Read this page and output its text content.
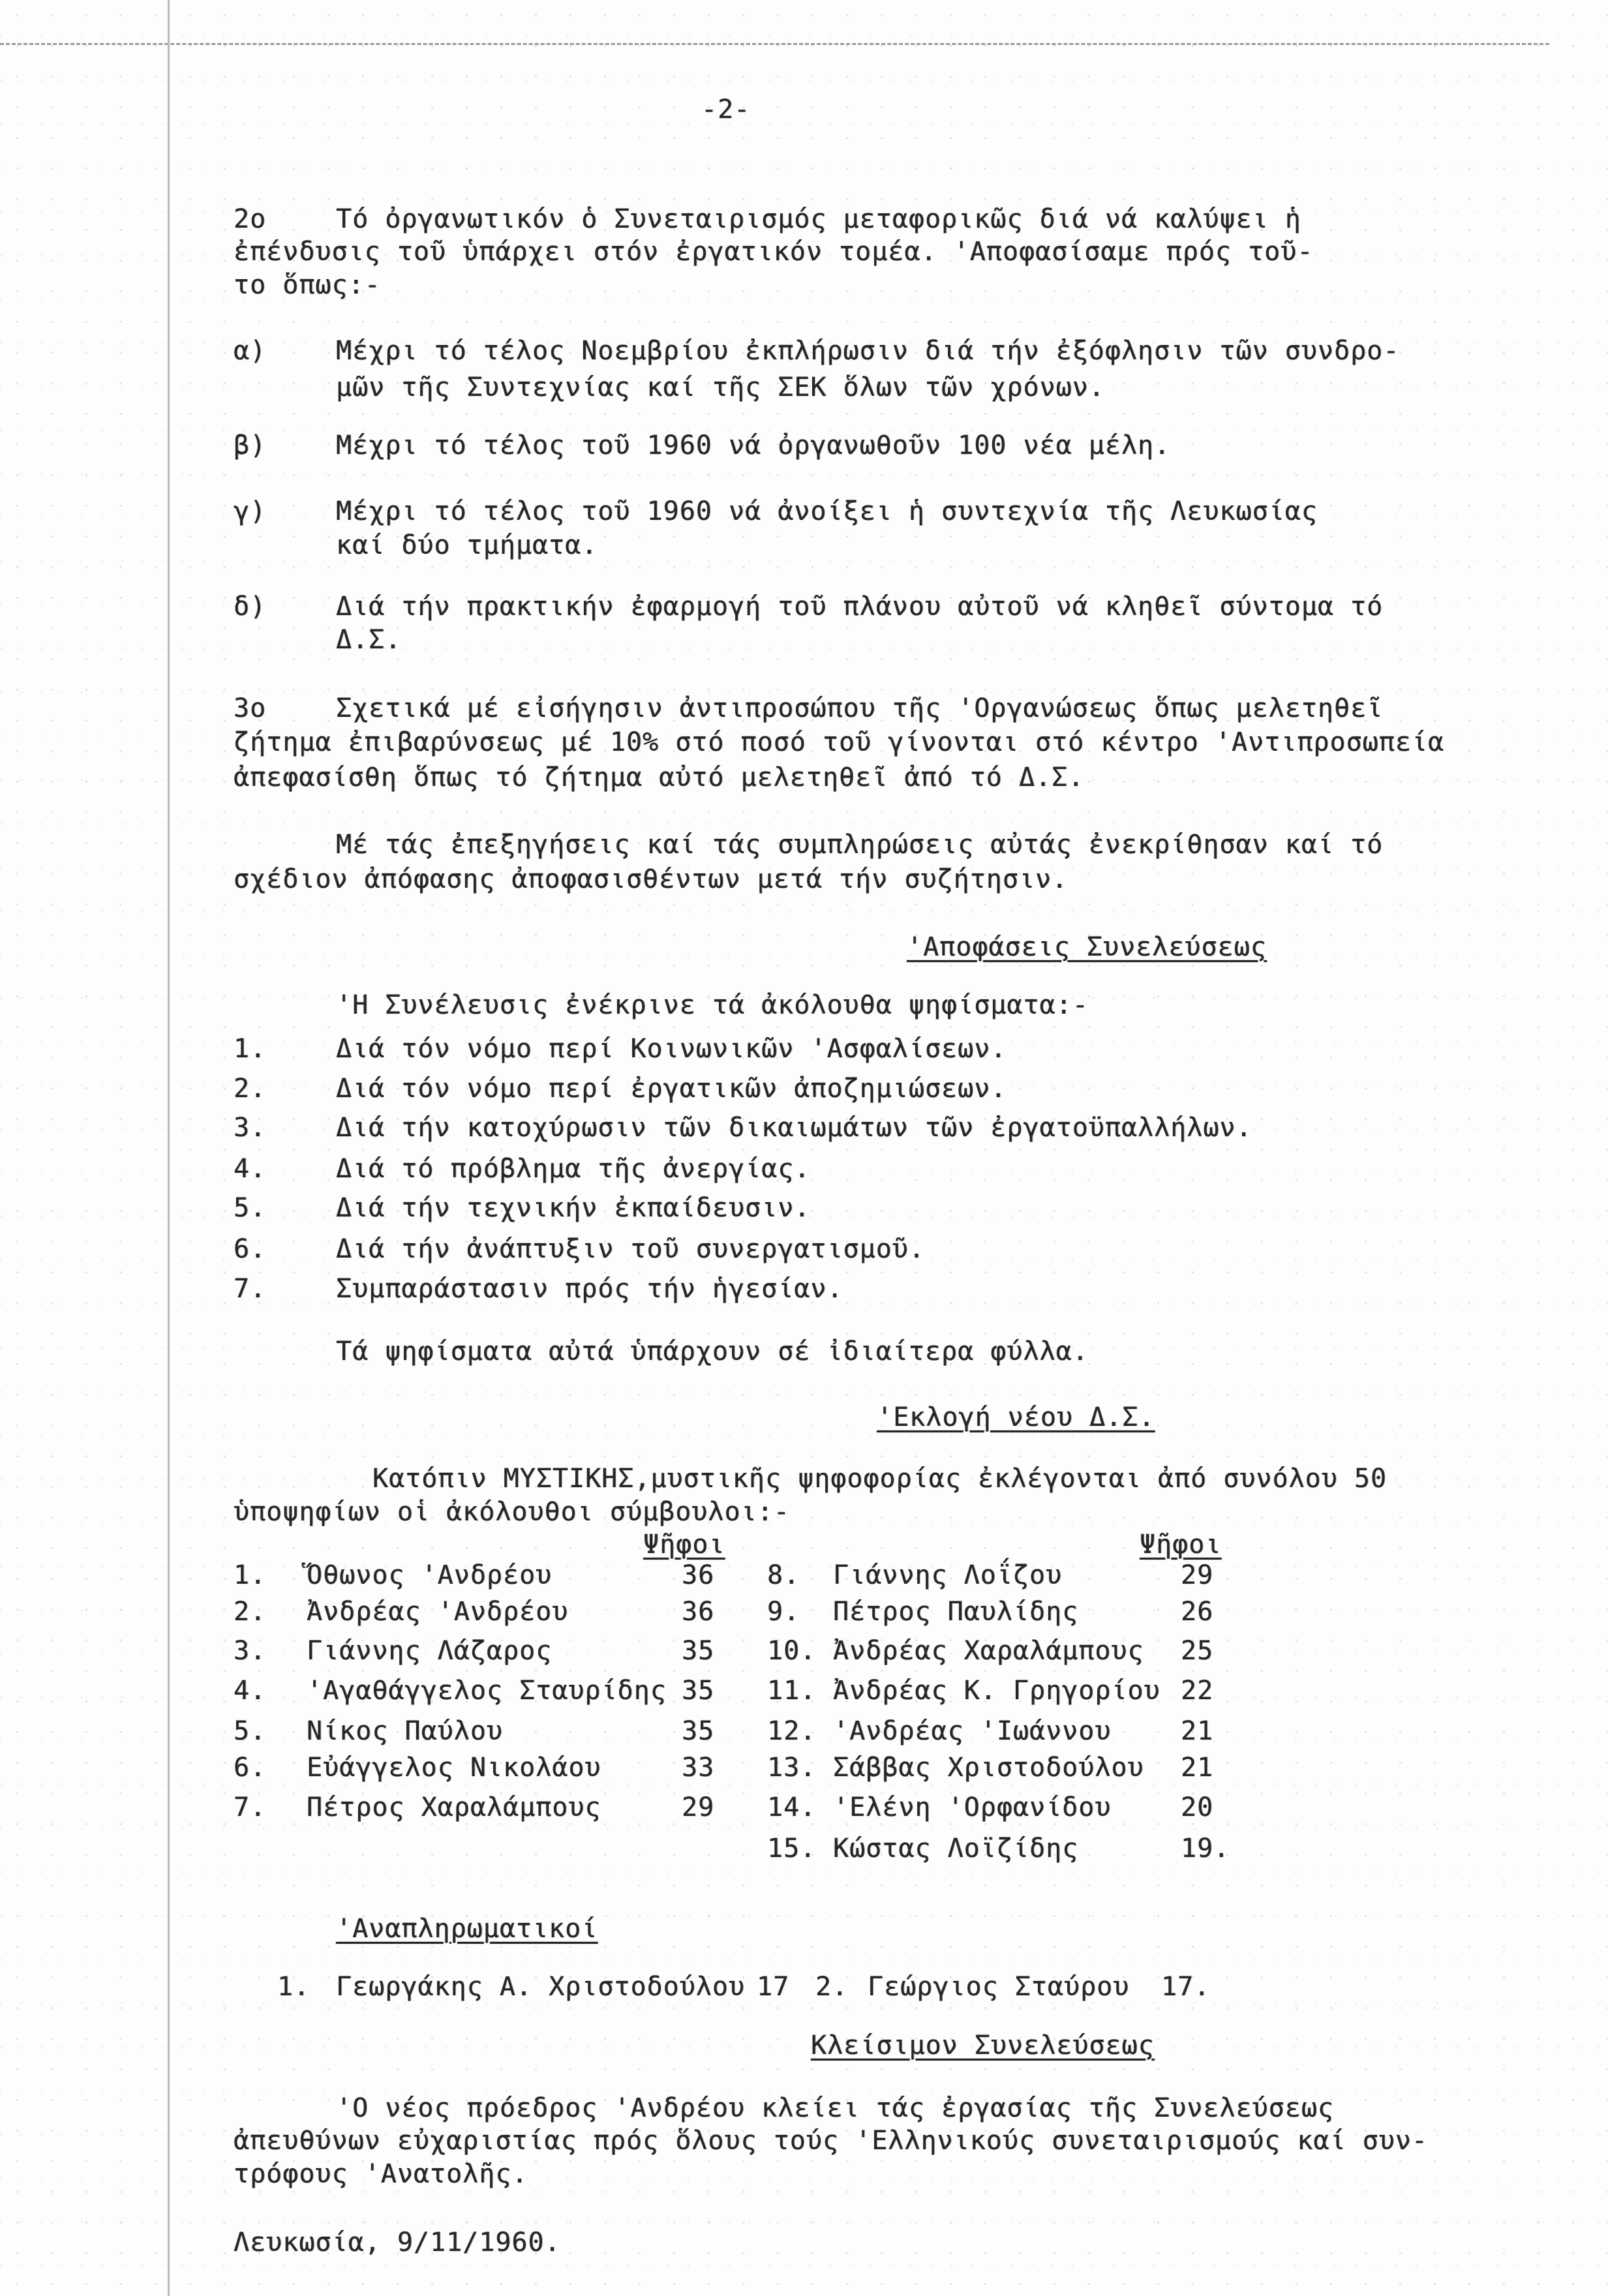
-2-
2ο	Τό ὀργανωτικόν ὁ Συνεταιρισμός μεταφορικῶς διά νά καλύψει ἡ
ἐπένδυσις τοῦ ὑπάρχει στόν ἐργατικόν τομέα. 'Αποφασίσαμε πρός τοῦ-
το ὅπως:-
α)	Μέχρι τό τέλος Νοεμβρίου ἐκπλήρωσιν διά τήν ἐξόφλησιν τῶν συνδρο-
μῶν τῆς Συντεχνίας καί τῆς ΣΕΚ ὅλων τῶν χρόνων.
β)	Μέχρι τό τέλος τοῦ 1960 νά ὀργανωθοῦν 100 νέα μέλη.
γ)	Μέχρι τό τέλος τοῦ 1960 νά ἀνοίξει ἡ συντεχνία τῆς Λευκωσίας
καί δύο τμήματα.
δ)	Διά τήν πρακτικήν ἐφαρμογή τοῦ πλάνου αὐτοῦ νά κληθεῖ σύντομα τό
Δ.Σ.
3ο	Σχετικά μέ εἰσήγησιν ἀντιπροσώπου τῆς 'Οργανώσεως ὅπως μελετηθεῖ
ζήτημα ἐπιβαρύνσεως μέ 10% στό ποσό τοῦ γίνονται στό κέντρο 'Αντιπροσωπεία
ἀπεφασίσθη ὅπως τό ζήτημα αὐτό μελετηθεῖ ἀπό τό Δ.Σ.
Μέ τάς ἐπεξηγήσεις καί τάς συμπληρώσεις αὐτάς ἐνεκρίθησαν καί τό
σχέδιον ἀπόφασης ἀποφασισθέντων μετά τήν συζήτησιν.
'Αποφάσεις Συνελεύσεως
'Η Συνέλευσις ἐνέκρινε τά ἀκόλουθα ψηφίσματα:-
1.	Διά τόν νόμο περί Κοινωνικῶν 'Ασφαλίσεων.
2.	Διά τόν νόμο περί ἐργατικῶν ἀποζημιώσεων.
3.	Διά τήν κατοχύρωσιν τῶν δικαιωμάτων τῶν ἐργατοϋπαλλήλων.
4.	Διά τό πρόβλημα τῆς ἀνεργίας.
5.	Διά τήν τεχνικήν ἐκπαίδευσιν.
6.	Διά τήν ἀνάπτυξιν τοῦ συνεργατισμοῦ.
7.	Συμπαράστασιν πρός τήν ἡγεσίαν.
Τά ψηφίσματα αὐτά ὑπάρχουν σέ ἰδιαίτερα φύλλα.
'Εκλογή νέου Δ.Σ.
Κατόπιν ΜΥΣΤΙΚΗΣ,μυστικῆς ψηφοφορίας ἐκλέγονται ἀπό συνόλου 50
ὑποψηφίων οἱ ἀκόλουθοι σύμβουλοι:-
Ψῆφοι	Ψῆφοι
1. Ὅθωνος 'Ανδρέου	36
2. Ἀνδρέας 'Ανδρέου	36
3. Γιάννης Λάζαρος	35
4. 'Αγαθάγγελος Σταυρίδης 35
5. Νίκος Παύλου	35
6. Εὐάγγελος Νικολάου	33
7. Πέτρος Χαραλάμπους	29
8. Γιάννης Λοΐζου	29
9. Πέτρος Παυλίδης	26
10. Ἀνδρέας Χαραλάμπους 25
11. Ἀνδρέας Κ. Γρηγορίου 22
12. 'Ανδρέας 'Ιωάννου	21
13. Σάββας Χριστοδούλου 21
14. 'Ελένη 'Ορφανίδου	20
15. Κώστας Λοϊζίδης	19.
'Αναπληρωματικοί
1. Γεωργάκης Α. Χριστοδούλου 17 2. Γεώργιος Σταύρου 17.
Κλείσιμον Συνελεύσεως
'Ο νέος πρόεδρος 'Ανδρέου κλείει τάς ἐργασίας τῆς Συνελεύσεως
ἀπευθύνων εὐχαριστίας πρός ὅλους τούς 'Ελληνικούς συνεταιρισμούς καί συν-
τρόφους 'Ανατολῆς.
Λευκωσία, 9/11/1960.
